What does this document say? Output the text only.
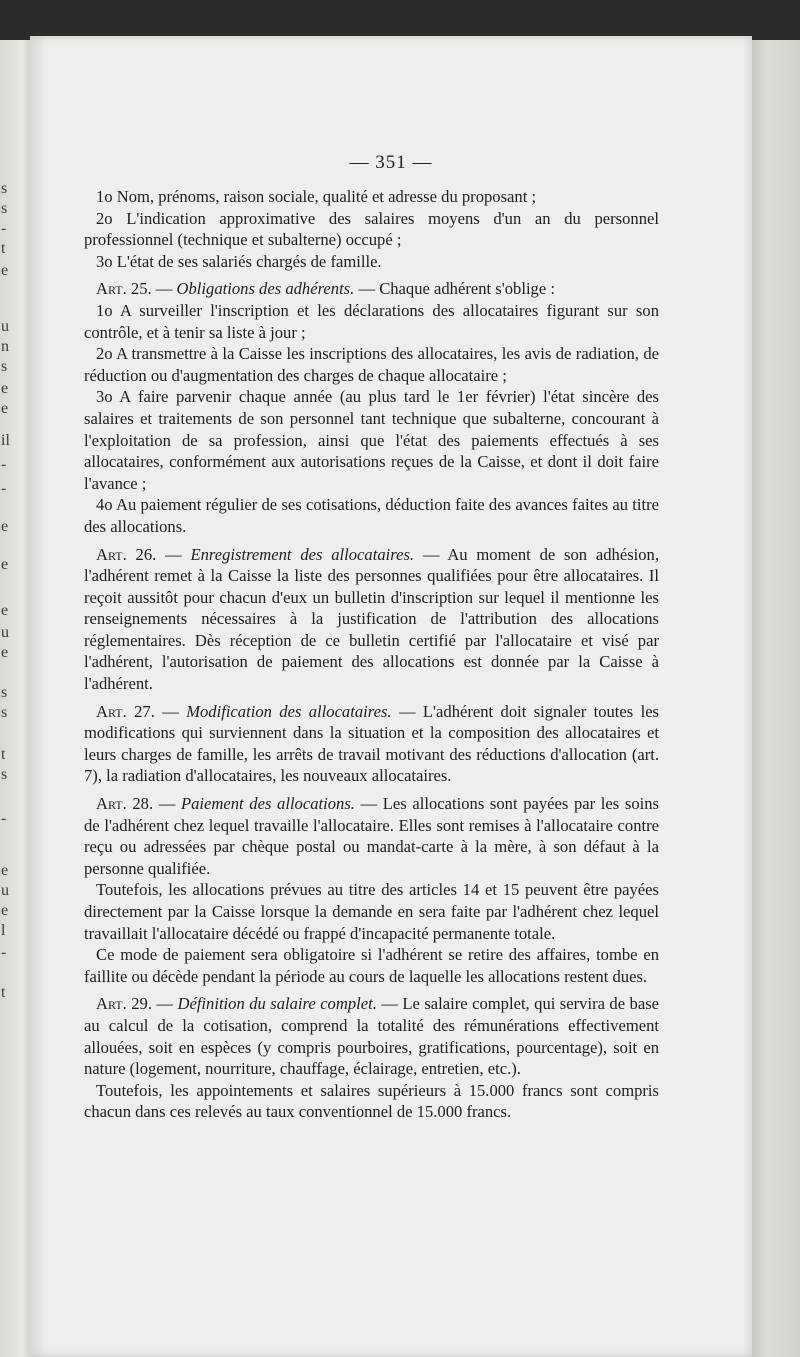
s
s
-
t
e
u
n
s
e
e
il
-
-
e
e
e
u
e
s
s
t
s
-
e
u
e
l
-
t
— 351 —

1o Nom, prénoms, raison sociale, qualité et adresse du proposant ;

2o L'indication approximative des salaires moyens d'un an du personnel professionnel (technique et subalterne) occupé ;

3o L'état de ses salariés chargés de famille.

Art. 25. — Obligations des adhérents. — Chaque adhérent s'oblige :

1o A surveiller l'inscription et les déclarations des allocataires figurant sur son contrôle, et à tenir sa liste à jour ;

2o A transmettre à la Caisse les inscriptions des allocataires, les avis de radiation, de réduction ou d'augmentation des charges de chaque allocataire ;

3o A faire parvenir chaque année (au plus tard le 1er février) l'état sincère des salaires et traitements de son personnel tant technique que subalterne, concourant à l'exploitation de sa profession, ainsi que l'état des paiements effectués à ses allocataires, conformément aux autorisations reçues de la Caisse, et dont il doit faire l'avance ;

4o Au paiement régulier de ses cotisations, déduction faite des avances faites au titre des allocations.

Art. 26. — Enregistrement des allocataires. — Au moment de son adhésion, l'adhérent remet à la Caisse la liste des personnes qualifiées pour être allocataires. Il reçoit aussitôt pour chacun d'eux un bulletin d'inscription sur lequel il mentionne les renseignements nécessaires à la justification de l'attribution des allocations réglementaires. Dès réception de ce bulletin certifié par l'allocataire et visé par l'adhérent, l'autorisation de paiement des allocations est donnée par la Caisse à l'adhérent.

Art. 27. — Modification des allocataires. — L'adhérent doit signaler toutes les modifications qui surviennent dans la situation et la composition des allocataires et leurs charges de famille, les arrêts de travail motivant des réductions d'allocation (art. 7), la radiation d'allocataires, les nouveaux allocataires.

Art. 28. — Paiement des allocations. — Les allocations sont payées par les soins de l'adhérent chez lequel travaille l'allocataire. Elles sont remises à l'allocataire contre reçu ou adressées par chèque postal ou mandat-carte à la mère, à son défaut à la personne qualifiée.

Toutefois, les allocations prévues au titre des articles 14 et 15 peuvent être payées directement par la Caisse lorsque la demande en sera faite par l'adhérent chez lequel travaillait l'allocataire décédé ou frappé d'incapacité permanente totale.

Ce mode de paiement sera obligatoire si l'adhérent se retire des affaires, tombe en faillite ou décède pendant la période au cours de laquelle les allocations restent dues.

Art. 29. — Définition du salaire complet. — Le salaire complet, qui servira de base au calcul de la cotisation, comprend la totalité des rémunérations effectivement allouées, soit en espèces (y compris pourboires, gratifications, pourcentage), soit en nature (logement, nourriture, chauffage, éclairage, entretien, etc.).

Toutefois, les appointements et salaires supérieurs à 15.000 francs sont compris chacun dans ces relevés au taux conventionnel de 15.000 francs.
